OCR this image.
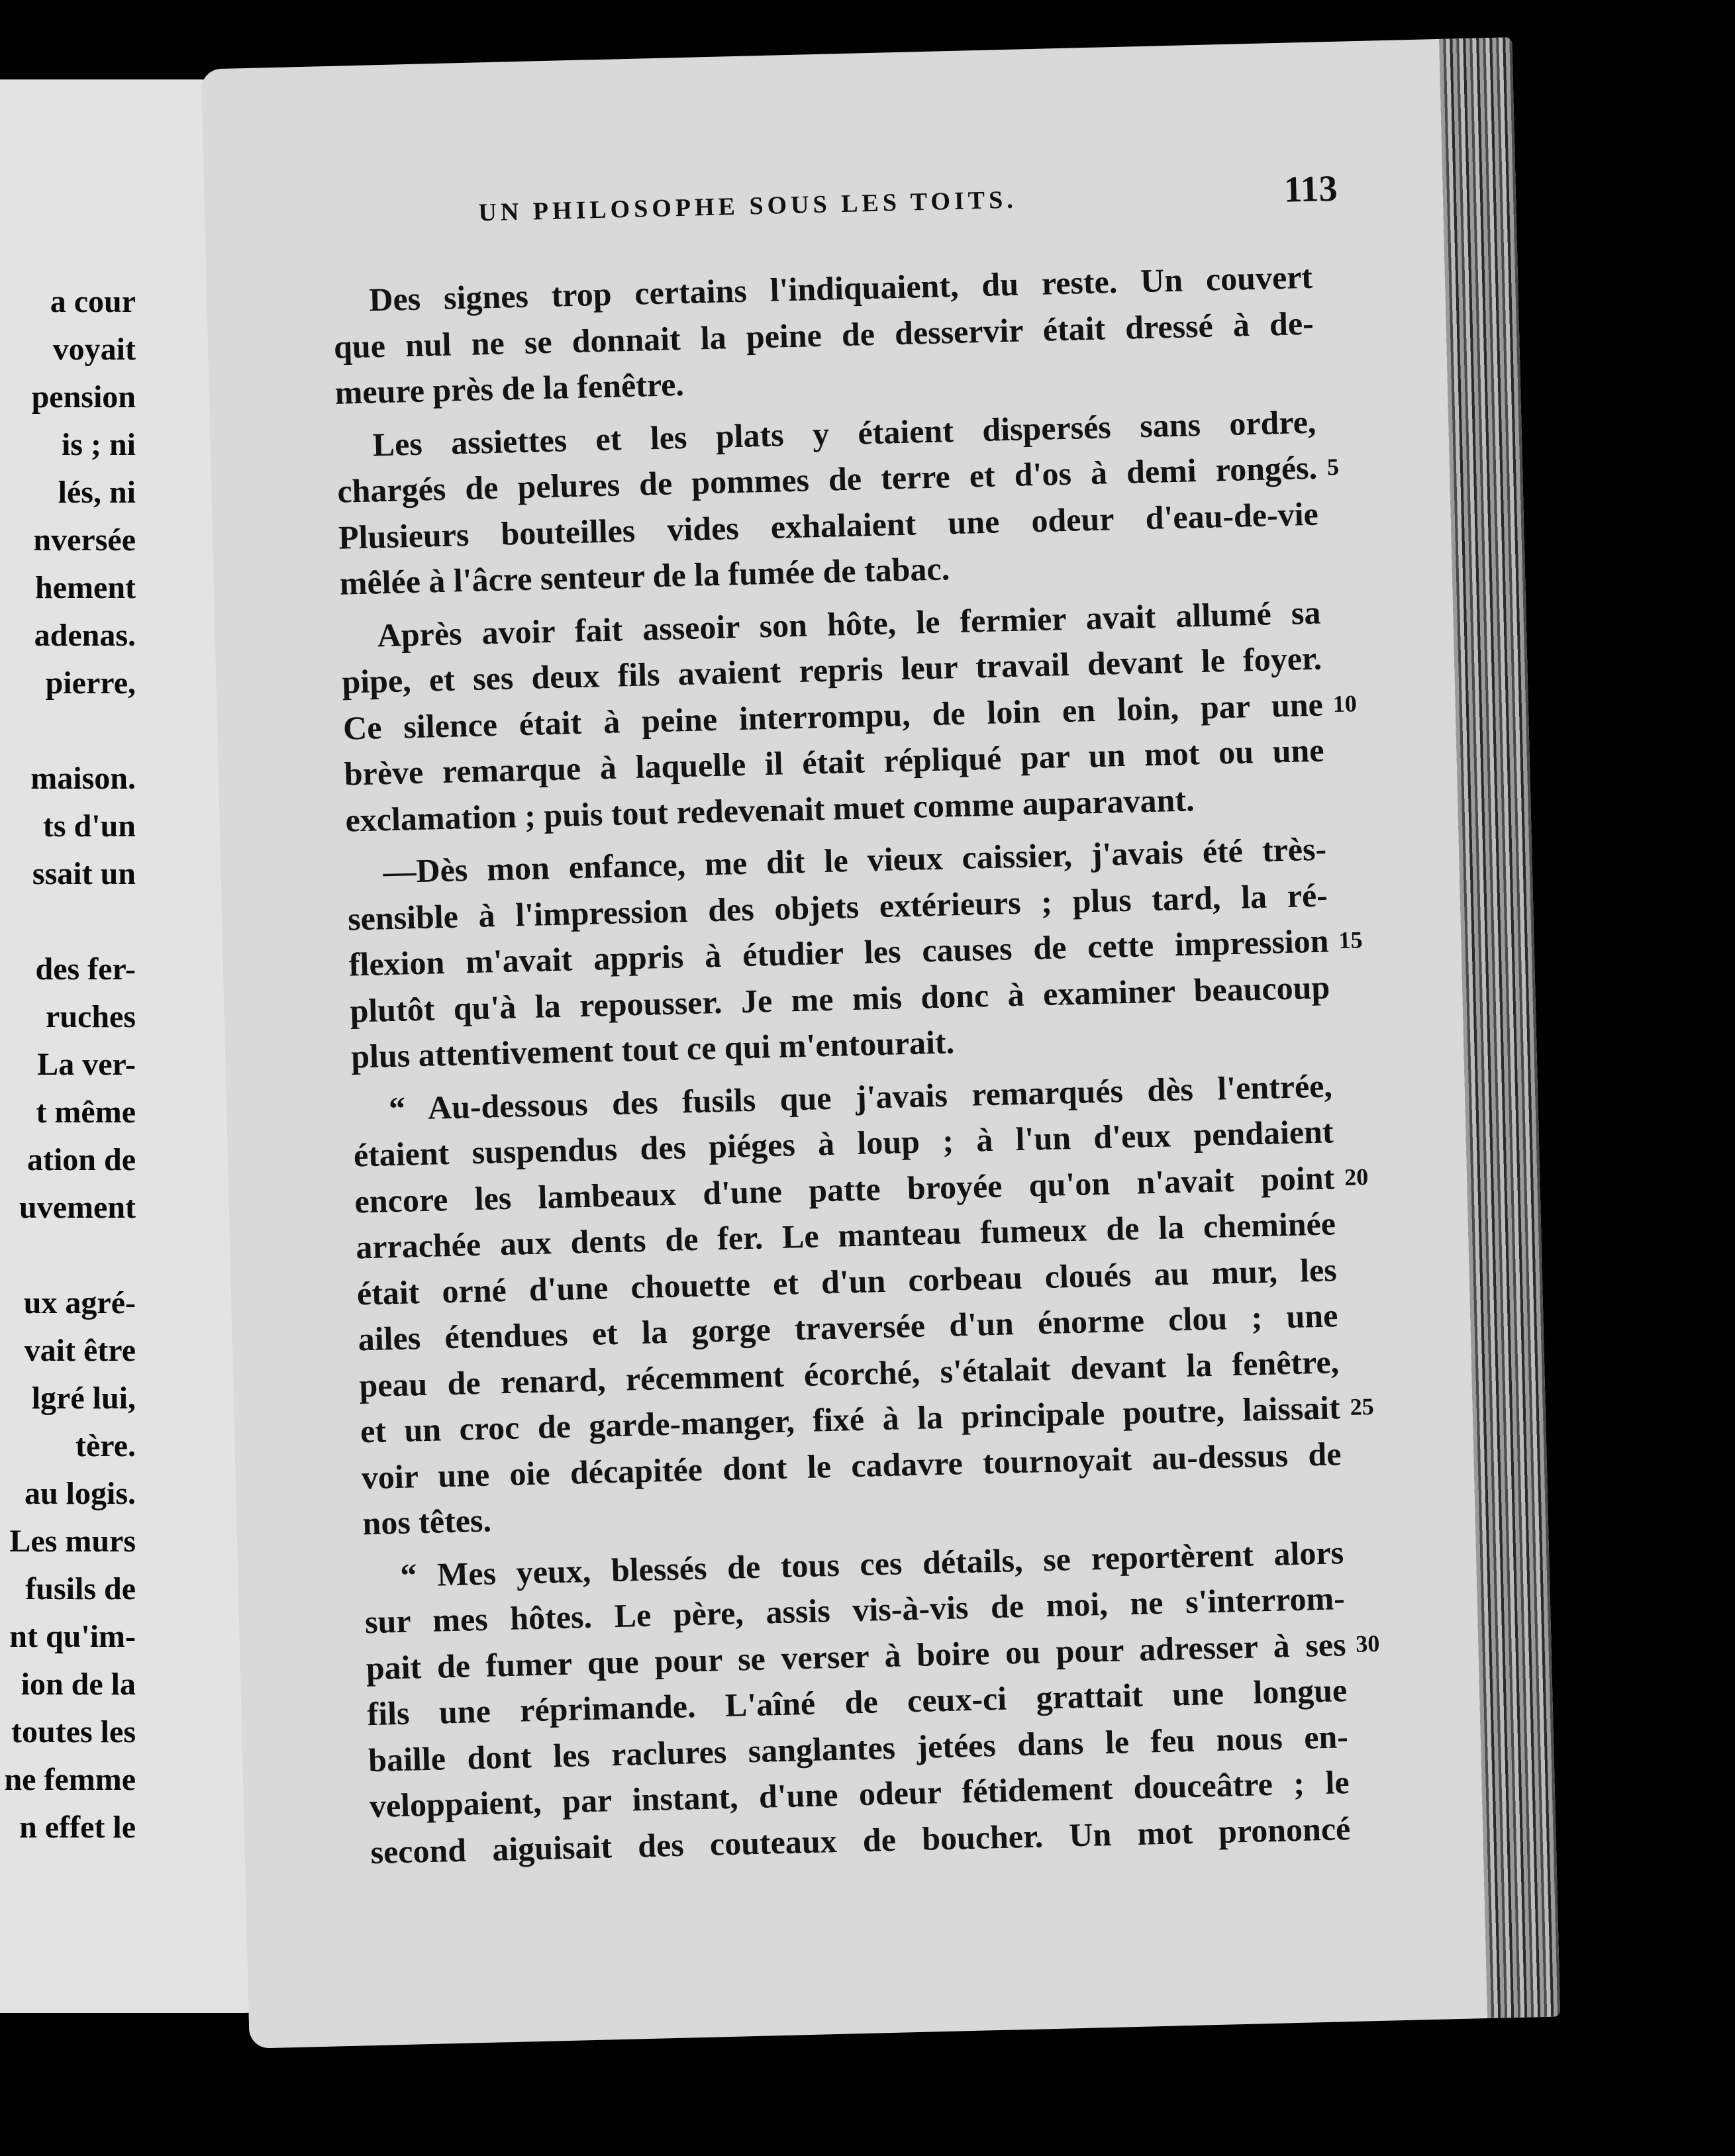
a cour
voyait
pension
is ; ni
lés, ni
nversée
hement
adenas.
pierre,
maison.
ts d'un
ssait un
des fer-
ruches
La ver-
t même
ation de
uvement
ux agré-
vait être
lgré lui,
tère.
au logis.
Les murs
fusils de
nt qu'im-
ion de la
toutes les
ne femme
n effet le
UN PHILOSOPHE SOUS LES TOITS.	113
Des signes trop certains l'indiquaient, du reste. Un couvert
que nul ne se donnait la peine de desservir était dressé à de-
meure près de la fenêtre.
Les assiettes et les plats y étaient dispersés sans ordre,
chargés de pelures de pommes de terre et d'os à demi rongés. 5
Plusieurs bouteilles vides exhalaient une odeur d'eau-de-vie
mêlée à l'âcre senteur de la fumée de tabac.
Après avoir fait asseoir son hôte, le fermier avait allumé sa
pipe, et ses deux fils avaient repris leur travail devant le foyer.
Ce silence était à peine interrompu, de loin en loin, par une 10
brève remarque à laquelle il était répliqué par un mot ou une
exclamation ; puis tout redevenait muet comme auparavant.
—Dès mon enfance, me dit le vieux caissier, j'avais été très-
sensible à l'impression des objets extérieurs ; plus tard, la ré-
flexion m'avait appris à étudier les causes de cette impression 15
plutôt qu'à la repousser. Je me mis donc à examiner beaucoup
plus attentivement tout ce qui m'entourait.
“ Au-dessous des fusils que j'avais remarqués dès l'entrée,
étaient suspendus des piéges à loup ; à l'un d'eux pendaient
encore les lambeaux d'une patte broyée qu'on n'avait point 20
arrachée aux dents de fer. Le manteau fumeux de la cheminée
était orné d'une chouette et d'un corbeau cloués au mur, les
ailes étendues et la gorge traversée d'un énorme clou ; une
peau de renard, récemment écorché, s'étalait devant la fenêtre,
et un croc de garde-manger, fixé à la principale poutre, laissait 25
voir une oie décapitée dont le cadavre tournoyait au-dessus de
nos têtes.
“ Mes yeux, blessés de tous ces détails, se reportèrent alors
sur mes hôtes. Le père, assis vis-à-vis de moi, ne s'interrom-
pait de fumer que pour se verser à boire ou pour adresser à ses 30
fils une réprimande. L'aîné de ceux-ci grattait une longue
baille dont les raclures sanglantes jetées dans le feu nous en-
veloppaient, par instant, d'une odeur fétidement douceâtre ; le
second aiguisait des couteaux de boucher. Un mot prononcé
